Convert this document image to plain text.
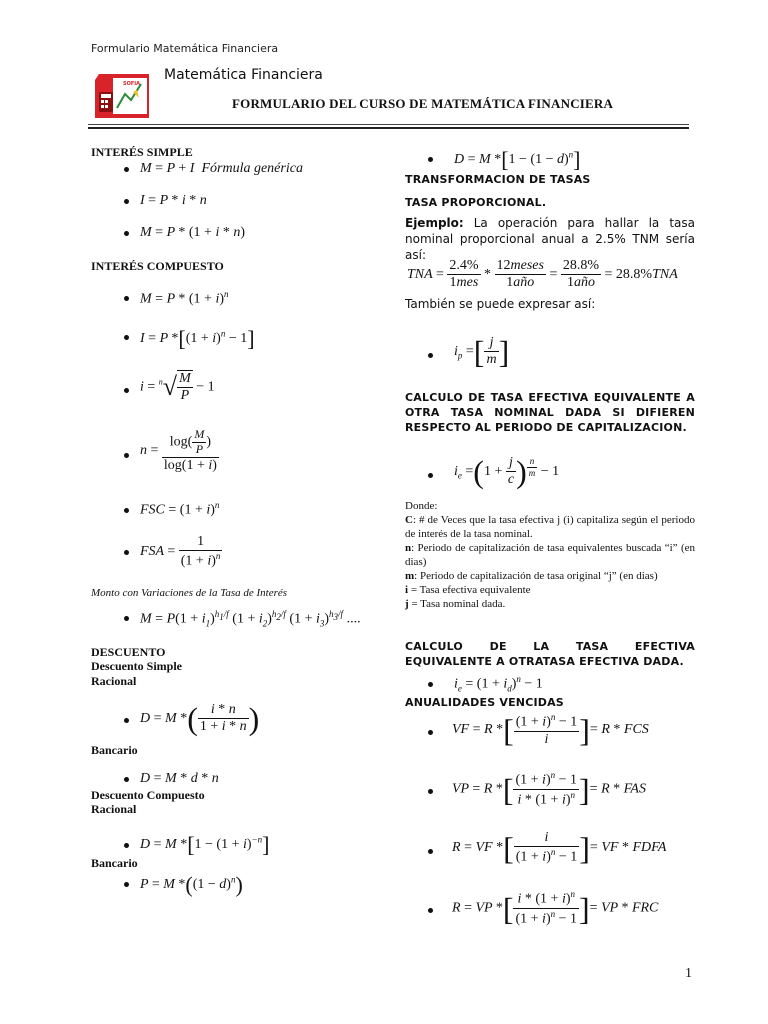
Formulario Matemática Financiera
SOFIA
Matemática Financiera
FORMULARIO DEL CURSO DE MATEMÁTICA FINANCIERA
INTERÉS SIMPLE
M = P + I  Fórmula genérica
I = P * i * n
M = P * (1 + i * n)
INTERÉS COMPUESTO
$M = P * (1 + i)^n$
I = P $*[(1 + i)^n - 1]$
$i = ^n√ \frac{M}{P} - 1$
$n = \frac{\log( \frac{M}{P} )}{\log(1 + i)}$
FSC = $(1 + i)^n$
FSA = $\frac{1}{(1 + i)^n}$
Monto con Variaciones de la Tasa de Interés
$M = P(1 + i_1)^{h_1/f}$ $(1 + i_2)^{h_2/f}$ $(1 + i_3)^{h_3/f}$ ....
DESCUENTO
Descuento Simple
Racional
D = M *( $\frac{i * n}{1 + i * n}$ )
Bancario
D = M * d * n
Descuento Compuesto
Racional
D = M $*[1 - (1 + i)^{-n}]$
Bancario
P = M $*((1 - d)^n)$
D = M $*[1 - (1 - d)^n]$
TRANSFORMACION DE TASAS
TASA PROPORCIONAL.
Ejemplo: La operación para hallar la tasa nominal proporcional anual a 2.5% TNM sería así:
TNA = $\frac{2.4\%}{\text{1mes}} * \frac{\text{12meses}}{\text{1año}} = \frac{28.8\%}{\text{1año}} = 28.8\%TNA$
También se puede expresar así:
$i_p$ =[ $\frac{j}{m}$ ]
CALCULO DE TASA EFECTIVA EQUIVALENTE A OTRA TASA NOMINAL DADA SI DIFIEREN RESPECTO AL PERIODO DE CAPITALIZACION.
$i_e =(1 + \frac{j}{c}$ ) $^{\frac{n}{m}}$ − 1
Donde:
C: # de Veces que la tasa efectiva j (i) capitaliza según el periodo de interés de la tasa nominal.
n: Periodo de capitalización de tasa equivalentes buscada “i” (en dias)
m: Periodo de capitalización de tasa original “j” (en dias)
i = Tasa efectiva equivalente
j = Tasa nominal dada.
CALCULO DE LA TASA EFECTIVA EQUIVALENTE A OTRATASA EFECTIVA DADA.
$i_e = (1 + i_d)^n - 1$
ANUALIDADES VENCIDAS
VF = R *[ $\frac{(1 + i)^n - 1}{i}$ ]= R * FCS
VP = R *[ $\frac{(1 + i)^n - 1}{i * (1 + i)^n}$ ]= R * FAS
R = VF *[ $\frac{i}{(1 + i)^n - 1}$ ]= VF * FDFA
R = VP *[ $\frac{i * (1 + i)^n}{(1 + i)^n - 1}$ ]= VP * FRC
1
